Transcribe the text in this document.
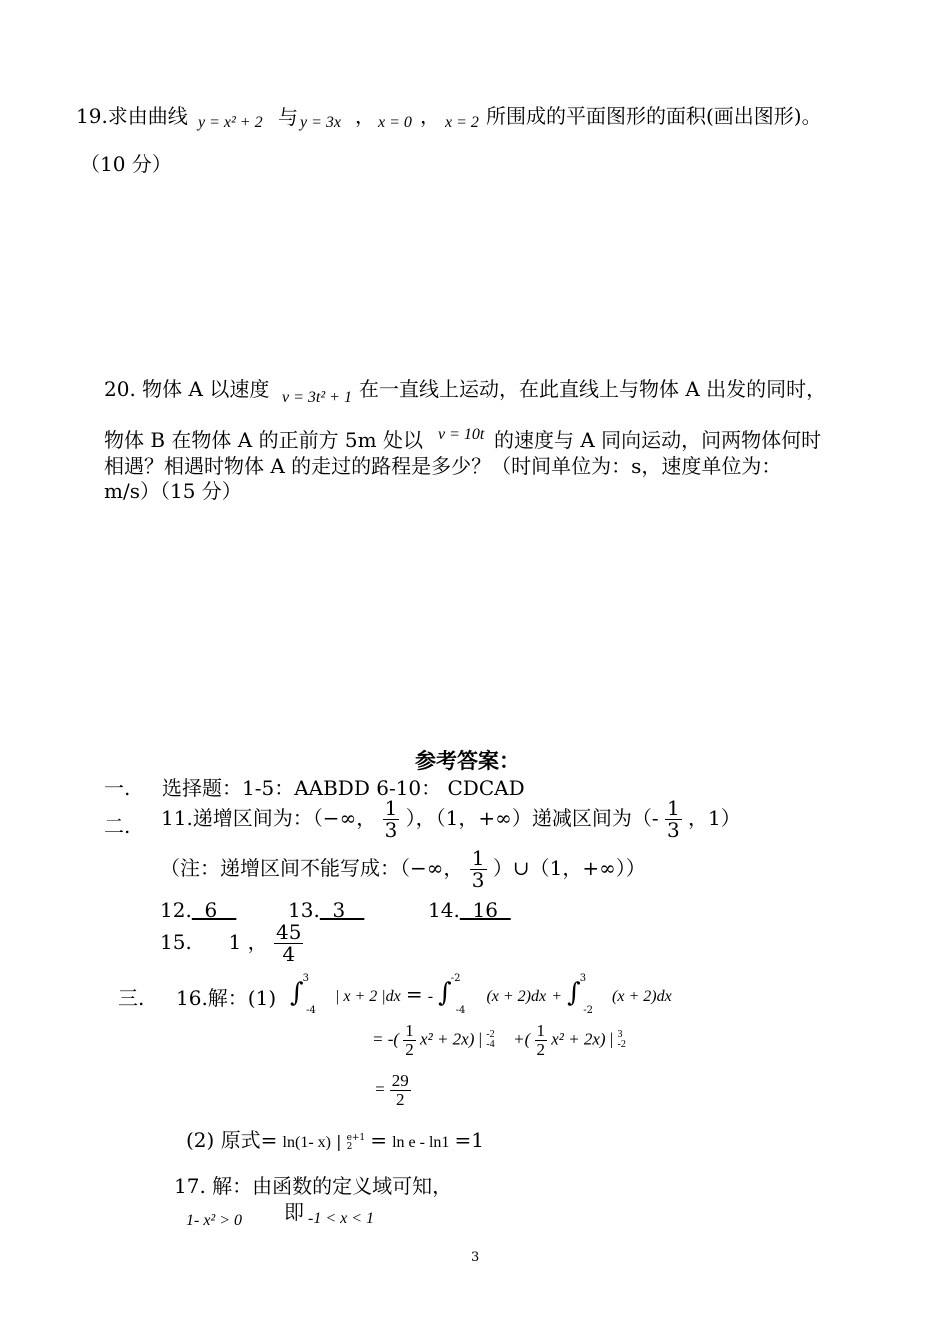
19.求由曲线 y = x² + 2 与 y = 3x ， x = 0 ， x = 2 所围成的平面图形的面积(画出图形)。
（10 分）
20. 物体 A 以速度 v = 3t² + 1 在一直线上运动，在此直线上与物体 A 出发的同时，
物体 B 在物体 A 的正前方 5m 处以 v = 10t 的速度与 A 同向运动，问两物体何时
相遇？相遇时物体 A 的走过的路程是多少？（时间单位为：s，速度单位为：
m/s）（15 分）
参考答案：
一. 选择题：1-5：AABDD 6-10： CDCAD
二. 11.递增区间为：（−∞， $\frac{1}{3}$ ），（1，+∞）递减区间为（- $\frac{1}{3}$ ，1）
（注：递增区间不能写成：（−∞， $\frac{1}{3}$ ）∪（1，+∞））
12.  6	13.  3	14.  16
15. 1 ， $\frac{45}{4}$
三. 16.解：(1) ∫ $^3$ $_{-4}$ | x + 2 |dx = - ∫ $^{-2}$ $_{-4}$ (x + 2)dx + ∫ $^3$ $_{-2}$ (x + 2)dx
= -( $\frac{1}{2} x^2 + 2x$) | -2
-4 +( $\frac{1}{2} x^2 + 2x$) | 3
-2
= $\frac{29}{2}$
(2) 原式= ln(1- x) | e+1
2 = ln e - ln1 =1
17. 解：由函数的定义域可知，
1- x² > 0 即 -1 < x < 1
3
